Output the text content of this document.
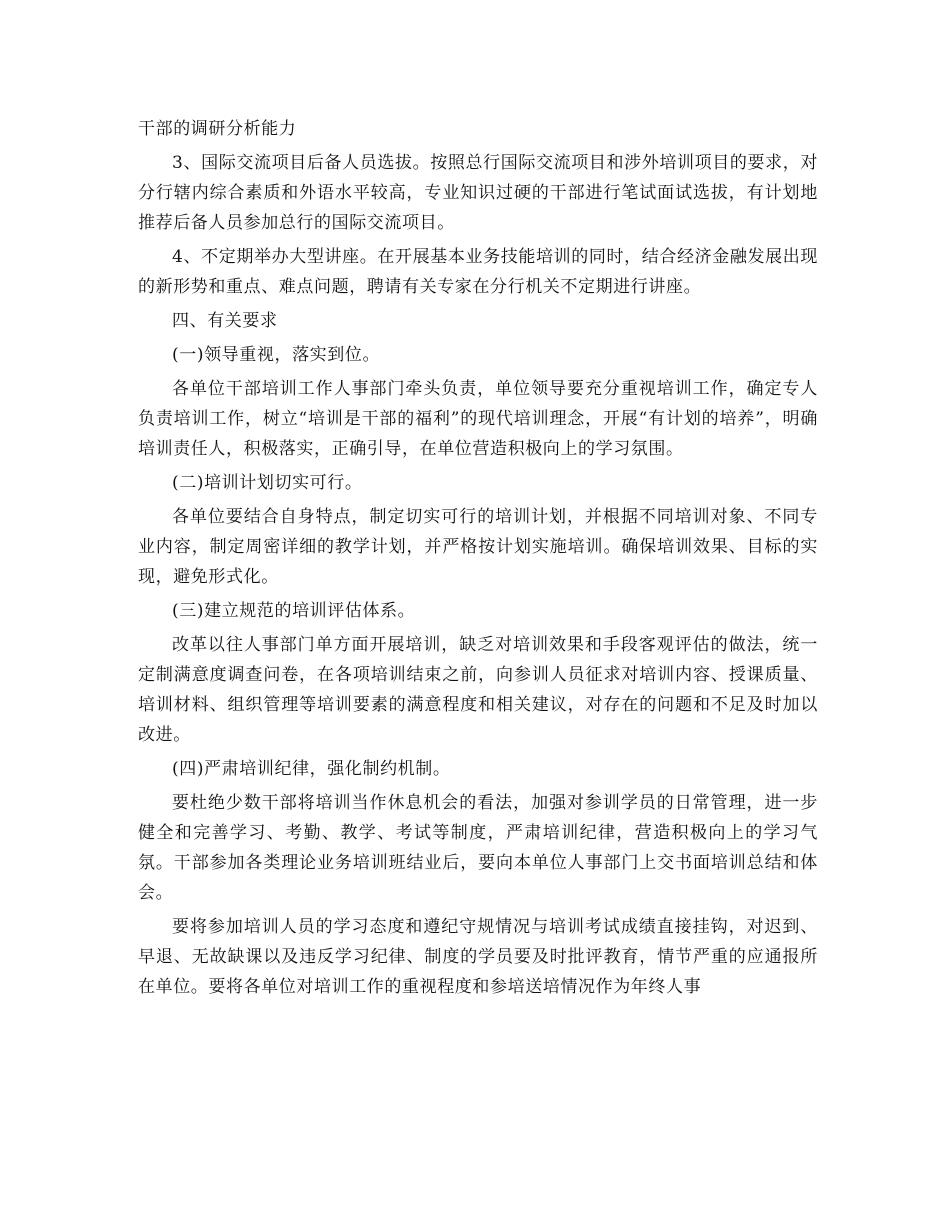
干部的调研分析能力

3、国际交流项目后备人员选拔。按照总行国际交流项目和涉外培训项目的要求，对分行辖内综合素质和外语水平较高，专业知识过硬的干部进行笔试面试选拔，有计划地推荐后备人员参加总行的国际交流项目。

4、不定期举办大型讲座。在开展基本业务技能培训的同时，结合经济金融发展出现的新形势和重点、难点问题，聘请有关专家在分行机关不定期进行讲座。

四、有关要求

(一)领导重视，落实到位。

各单位干部培训工作人事部门牵头负责，单位领导要充分重视培训工作，确定专人负责培训工作，树立“培训是干部的福利”的现代培训理念，开展“有计划的培养”，明确培训责任人，积极落实，正确引导，在单位营造积极向上的学习氛围。

(二)培训计划切实可行。

各单位要结合自身特点，制定切实可行的培训计划，并根据不同培训对象、不同专业内容，制定周密详细的教学计划，并严格按计划实施培训。确保培训效果、目标的实现，避免形式化。

(三)建立规范的培训评估体系。

改革以往人事部门单方面开展培训，缺乏对培训效果和手段客观评估的做法，统一定制满意度调查问卷，在各项培训结束之前，向参训人员征求对培训内容、授课质量、培训材料、组织管理等培训要素的满意程度和相关建议，对存在的问题和不足及时加以改进。

(四)严肃培训纪律，强化制约机制。

要杜绝少数干部将培训当作休息机会的看法，加强对参训学员的日常管理，进一步健全和完善学习、考勤、教学、考试等制度，严肃培训纪律，营造积极向上的学习气氛。干部参加各类理论业务培训班结业后，要向本单位人事部门上交书面培训总结和体会。

要将参加培训人员的学习态度和遵纪守规情况与培训考试成绩直接挂钩，对迟到、早退、无故缺课以及违反学习纪律、制度的学员要及时批评教育，情节严重的应通报所在单位。要将各单位对培训工作的重视程度和参培送培情况作为年终人事
